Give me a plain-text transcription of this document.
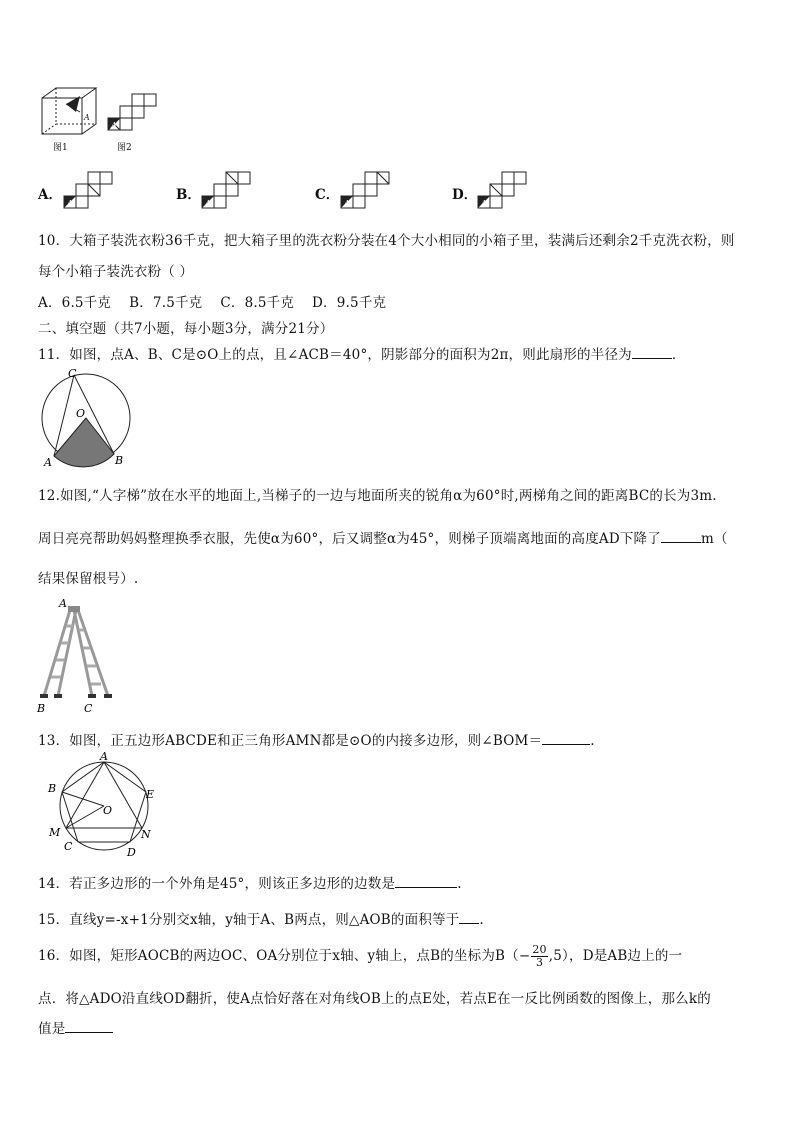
A
图1
A
图2
A．
A
B．
A
C．
A
D．
A
10．大箱子装洗衣粉36千克，把大箱子里的洗衣粉分装在4个大小相同的小箱子里，装满后还剩余2千克洗衣粉，则
每个小箱子装洗衣粉（ ）
A．6.5千克 B．7.5千克 C．8.5千克 D．9.5千克
二、填空题（共7小题，每小题3分，满分21分）
11．如图，点A、B、C是⊙O上的点，且∠ACB＝40°，阴影部分的面积为2π，则此扇形的半径为	．
C
O
A	B
12.如图,“人字梯”放在水平的地面上,当梯子的一边与地面所夹的锐角α为60°时,两梯角之间的距离BC的长为3m.
周日亮亮帮助妈妈整理换季衣服，先使α为60°，后又调整α为45°，则梯子顶端离地面的高度AD下降了	m（
结果保留根号）.
A
B	C
13．如图，正五边形ABCDE和正三角形AMN都是⊙O的内接多边形，则∠BOM＝	.
A
B	E
O
M	N
C	D
14．若正多边形的一个外角是45°，则该正多边形的边数是	.
15．直线y=-x+1分别交x轴，y轴于A、B两点，则△AOB的面积等于 .
16．如图，矩形AOCB的两边OC、OA分别位于x轴、y轴上，点B的坐标为$B(- \frac{20}{3} ,5)$，D是AB边上的一
点．将△ADO沿直线OD翻折，使A点恰好落在对角线OB上的点E处，若点E在一反比例函数的图像上，那么k的
值是
